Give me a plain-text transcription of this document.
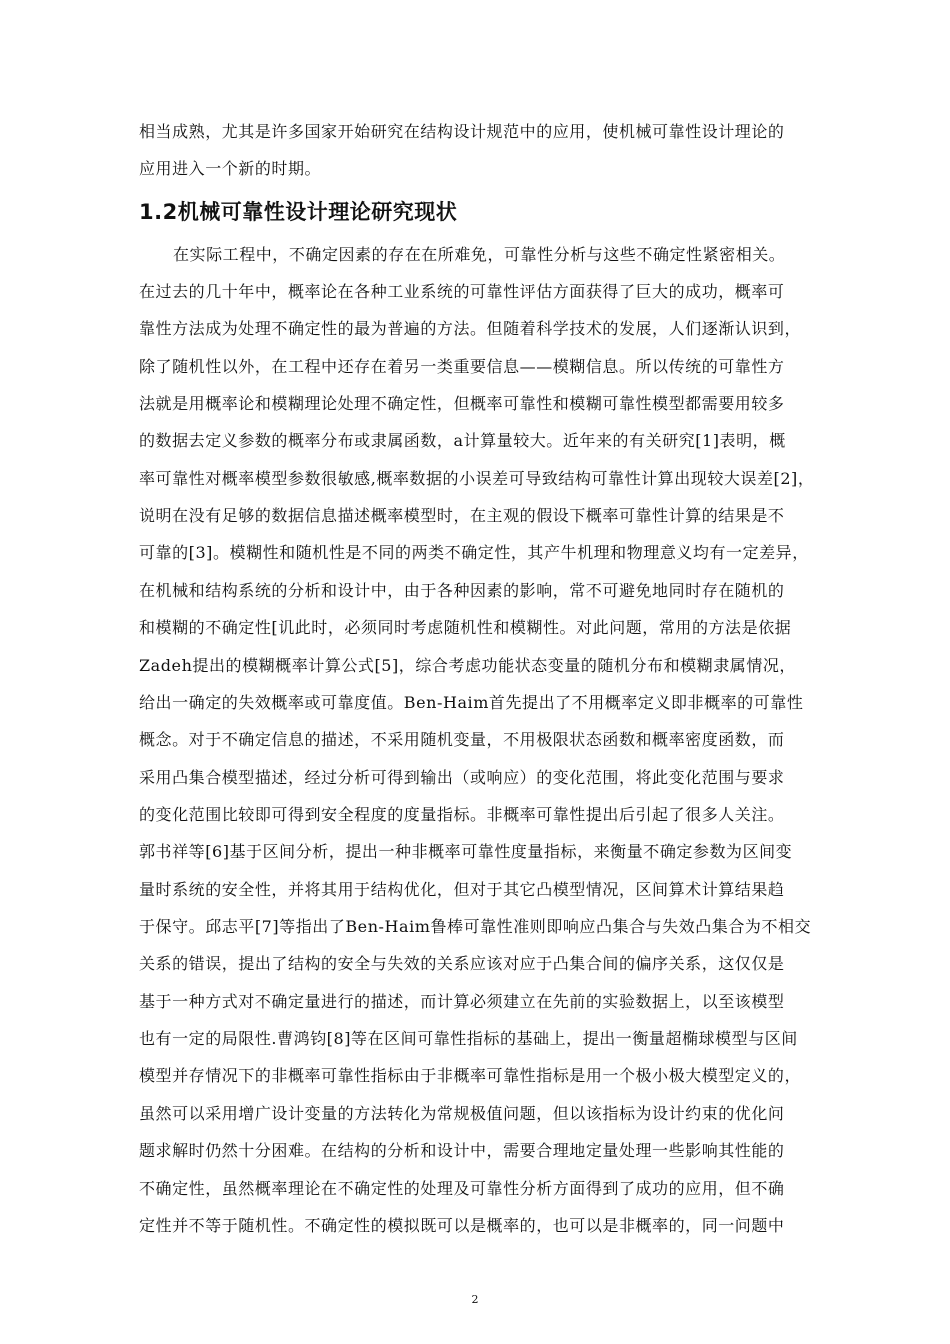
相当成熟，尤其是许多国家开始研究在结构设计规范中的应用，使机械可靠性设计理论的
应用进入一个新的时期。
1.2机械可靠性设计理论研究现状
在实际工程中，不确定因素的存在在所难免，可靠性分析与这些不确定性紧密相关。
在过去的几十年中，概率论在各种工业系统的可靠性评估方面获得了巨大的成功，概率可
靠性方法成为处理不确定性的最为普遍的方法。但随着科学技术的发展，人们逐渐认识到，
除了随机性以外，在工程中还存在着另一类重要信息——模糊信息。所以传统的可靠性方
法就是用概率论和模糊理论处理不确定性，但概率可靠性和模糊可靠性模型都需要用较多
的数据去定义参数的概率分布或隶属函数，a计算量较大。近年来的有关研究[1]表明，概
率可靠性对概率模型参数很敏感,概率数据的小误差可导致结构可靠性计算出现较大误差[2]，
说明在没有足够的数据信息描述概率模型时，在主观的假设下概率可靠性计算的结果是不
可靠的[3]。模糊性和随机性是不同的两类不确定性，其产牛机理和物理意义均有一定差异，
在机械和结构系统的分析和设计中，由于各种因素的影响，常不可避免地同时存在随机的
和模糊的不确定性[讥此时，必须同时考虑随机性和模糊性。对此问题，常用的方法是依据
Zadeh提出的模糊概率计算公式[5]，综合考虑功能状态变量的随机分布和模糊隶属情况，
给出一确定的失效概率或可靠度值。Ben-Haim首先提出了不用概率定义即非概率的可靠性
概念。对于不确定信息的描述，不采用随机变量，不用极限状态函数和概率密度函数，而
采用凸集合模型描述，经过分析可得到输出（或响应）的变化范围，将此变化范围与要求
的变化范围比较即可得到安全程度的度量指标。非概率可靠性提出后引起了很多人关注。
郭书祥等[6]基于区间分析，提出一种非概率可靠性度量指标，来衡量不确定参数为区间变
量时系统的安全性，并将其用于结构优化，但对于其它凸模型情况，区间算术计算结果趋
于保守。邱志平[7]等指出了Ben-Haim鲁棒可靠性准则即响应凸集合与失效凸集合为不相交
关系的错误，提出了结构的安全与失效的关系应该对应于凸集合间的偏序关系，这仅仅是
基于一种方式对不确定量进行的描述，而计算必须建立在先前的实验数据上，以至该模型
也有一定的局限性.曹鸿钧[8]等在区间可靠性指标的基础上，提出一衡量超椭球模型与区间
模型并存情况下的非概率可靠性指标由于非概率可靠性指标是用一个极小极大模型定义的，
虽然可以采用增广设计变量的方法转化为常规极值问题，但以该指标为设计约束的优化问
题求解时仍然十分困难。在结构的分析和设计中，需要合理地定量处理一些影响其性能的
不确定性，虽然概率理论在不确定性的处理及可靠性分析方面得到了成功的应用，但不确
定性并不等于随机性。不确定性的模拟既可以是概率的，也可以是非概率的，同一问题中
2
